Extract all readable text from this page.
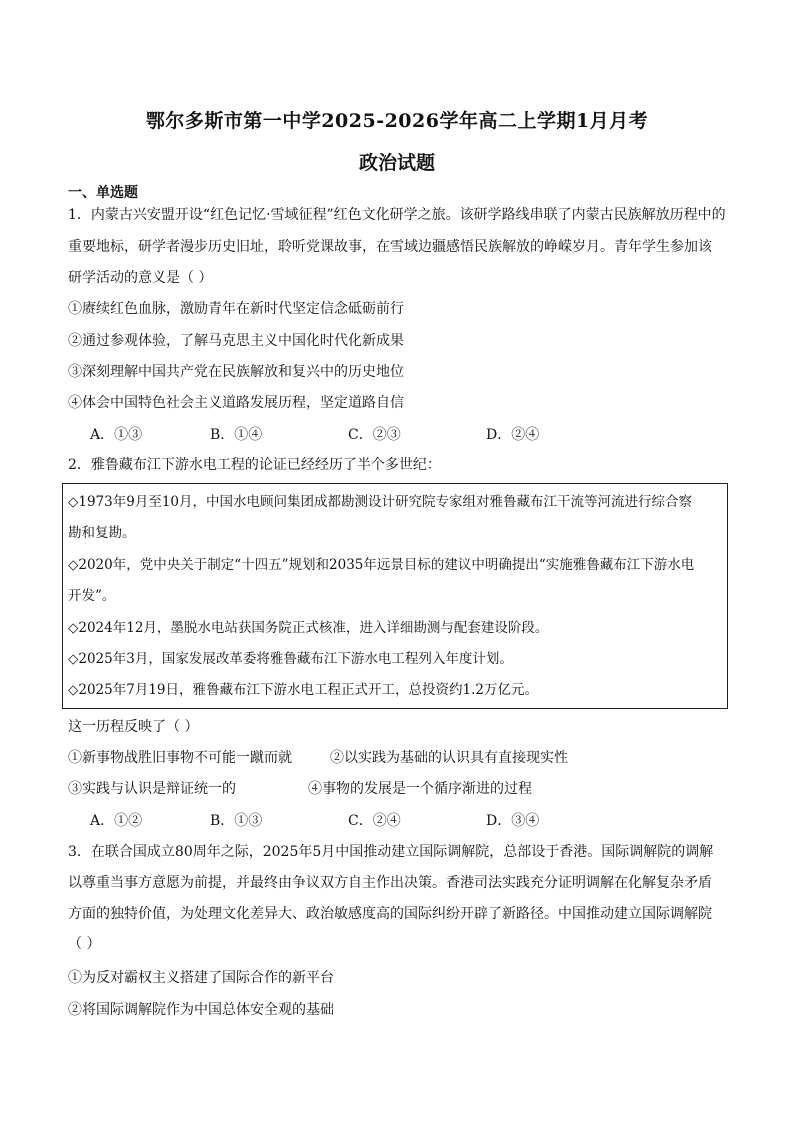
鄂尔多斯市第一中学2025-2026学年高二上学期1月月考
政治试题
一、单选题
1．内蒙古兴安盟开设“红色记忆·雪域征程”红色文化研学之旅。该研学路线串联了内蒙古民族解放历程中的
重要地标，研学者漫步历史旧址，聆听党课故事，在雪域边疆感悟民族解放的峥嵘岁月。青年学生参加该
研学活动的意义是（ ）
①赓续红色血脉，激励青年在新时代坚定信念砥砺前行
②通过参观体验，了解马克思主义中国化时代化新成果
③深刻理解中国共产党在民族解放和复兴中的历史地位
④体会中国特色社会主义道路发展历程，坚定道路自信
A．①③	B．①④	C．②③	D．②④
2．雅鲁藏布江下游水电工程的论证已经经历了半个多世纪：
◇1973年9月至10月，中国水电顾问集团成都勘测设计研究院专家组对雅鲁藏布江干流等河流进行综合察
勘和复勘。
◇2020年，党中央关于制定“十四五”规划和2035年远景目标的建议中明确提出“实施雅鲁藏布江下游水电
开发”。
◇2024年12月，墨脱水电站获国务院正式核准，进入详细勘测与配套建设阶段。
◇2025年3月，国家发展改革委将雅鲁藏布江下游水电工程列入年度计划。
◇2025年7月19日，雅鲁藏布江下游水电工程正式开工，总投资约1.2万亿元。
这一历程反映了（ ）
①新事物战胜旧事物不可能一蹴而就	②以实践为基础的认识具有直接现实性
③实践与认识是辩证统一的	④事物的发展是一个循序渐进的过程
A．①②	B．①③	C．②④	D．③④
3．在联合国成立80周年之际，2025年5月中国推动建立国际调解院，总部设于香港。国际调解院的调解
以尊重当事方意愿为前提，并最终由争议双方自主作出决策。香港司法实践充分证明调解在化解复杂矛盾
方面的独特价值，为处理文化差异大、政治敏感度高的国际纠纷开辟了新路径。中国推动建立国际调解院
（ ）
①为反对霸权主义搭建了国际合作的新平台
②将国际调解院作为中国总体安全观的基础
